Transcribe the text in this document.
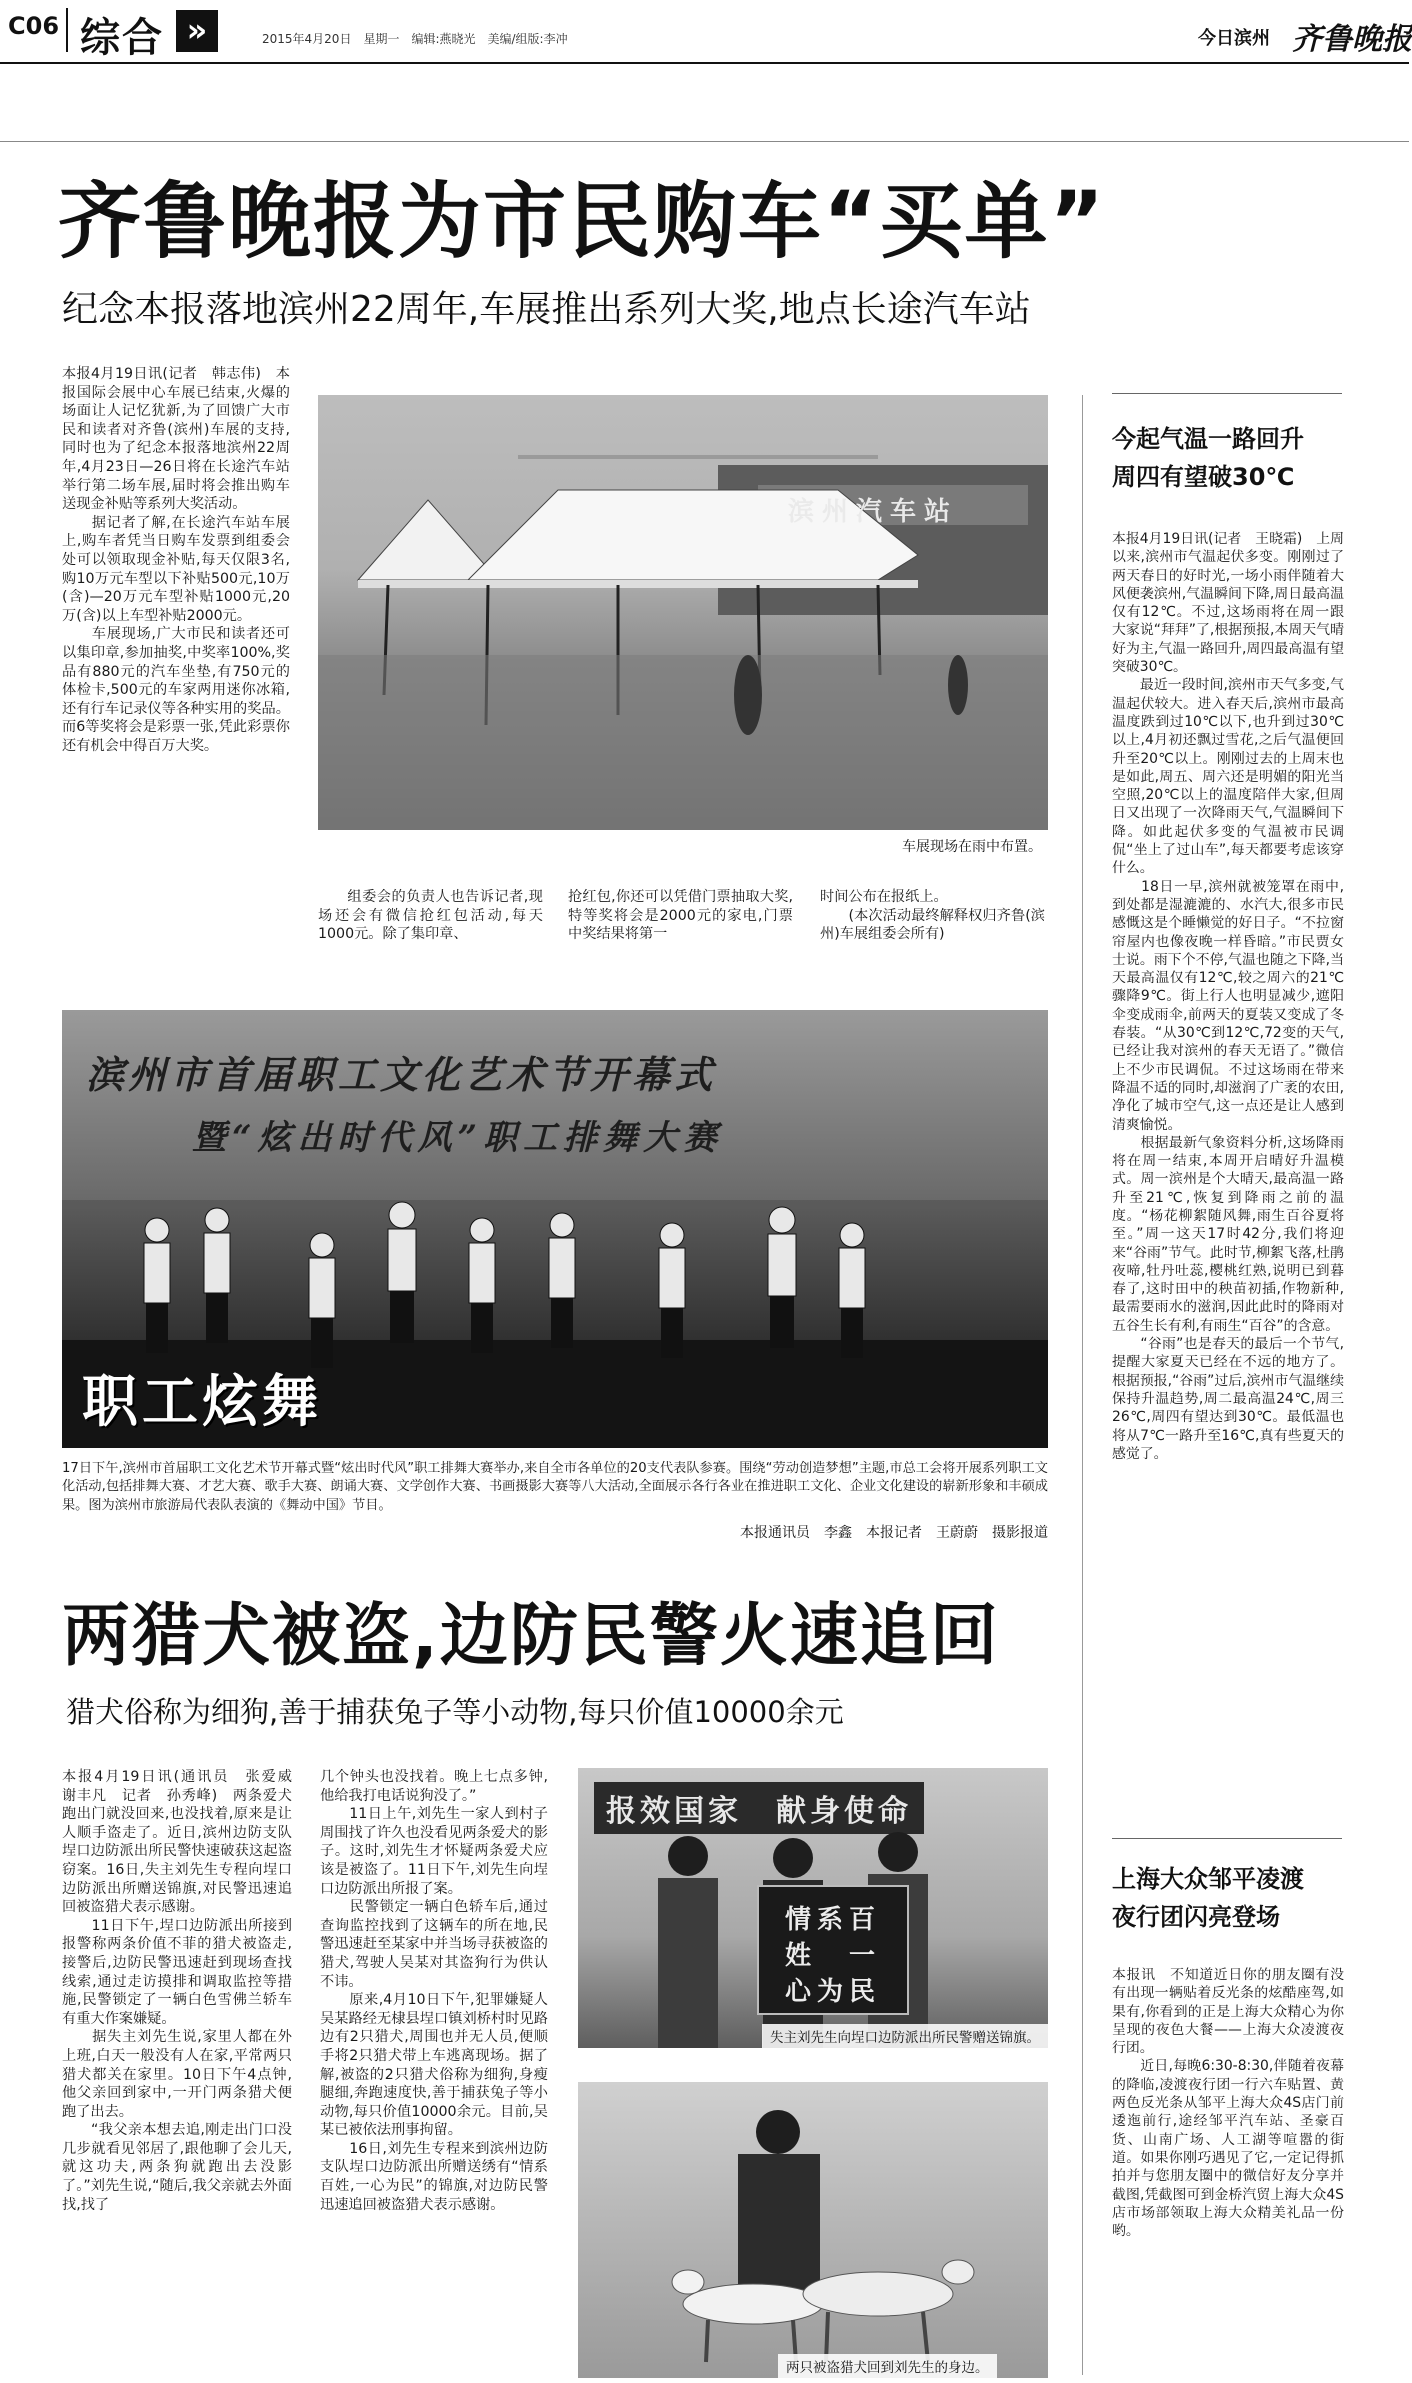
C06 综合 »	2015年4月20日　星期一　编辑:燕晓光　美编/组版:李冲	今日滨州 齐鲁晚报
齐鲁晚报为市民购车“买单”
纪念本报落地滨州22周年,车展推出系列大奖,地点长途汽车站
本报4月19日讯(记者　韩志伟)　本报国际会展中心车展已结束,火爆的场面让人记忆犹新,为了回馈广大市民和读者对齐鲁(滨州)车展的支持,同时也为了纪念本报落地滨州22周年,4月23日—26日将在长途汽车站举行第二场车展,届时将会推出购车送现金补贴等系列大奖活动。
　　据记者了解,在长途汽车站车展上,购车者凭当日购车发票到组委会处可以领取现金补贴,每天仅限3名,购10万元车型以下补贴500元,10万(含)—20万元车型补贴1000元,20万(含)以上车型补贴2000元。
　　车展现场,广大市民和读者还可以集印章,参加抽奖,中奖率100%,奖品有880元的汽车坐垫,有750元的体检卡,500元的车家两用迷你冰箱,还有行车记录仪等各种实用的奖品。而6等奖将会是彩票一张,凭此彩票你还有机会中得百万大奖。
滨州汽车站
车展现场在雨中布置。
　　组委会的负责人也告诉记者,现场还会有微信抢红包活动,每天1000元。除了集印章、
抢红包,你还可以凭借门票抽取大奖,特等奖将会是2000元的家电,门票中奖结果将第一
时间公布在报纸上。
　　(本次活动最终解释权归齐鲁(滨州)车展组委会所有)
滨州市首届职工文化艺术节开幕式
暨“炫出时代风”职工排舞大赛
职工炫舞
17日下午,滨州市首届职工文化艺术节开幕式暨“炫出时代风”职工排舞大赛举办,来自全市各单位的20支代表队参赛。围绕“劳动创造梦想”主题,市总工会将开展系列职工文化活动,包括排舞大赛、才艺大赛、歌手大赛、朗诵大赛、文学创作大赛、书画摄影大赛等八大活动,全面展示各行各业在推进职工文化、企业文化建设的崭新形象和丰硕成果。图为滨州市旅游局代表队表演的《舞动中国》节目。
本报通讯员　李鑫　本报记者　王蔚蔚　摄影报道
两猎犬被盗,边防民警火速追回
猎犬俗称为细狗,善于捕获兔子等小动物,每只价值10000余元
本报4月19日讯(通讯员　张爱威　谢丰凡　记者　孙秀峰)　两条爱犬跑出门就没回来,也没找着,原来是让人顺手盗走了。近日,滨州边防支队埕口边防派出所民警快速破获这起盗窃案。16日,失主刘先生专程向埕口边防派出所赠送锦旗,对民警迅速追回被盗猎犬表示感谢。
　　11日下午,埕口边防派出所接到报警称两条价值不菲的猎犬被盗走,接警后,边防民警迅速赶到现场查找线索,通过走访摸排和调取监控等措施,民警锁定了一辆白色雪佛兰轿车有重大作案嫌疑。
　　据失主刘先生说,家里人都在外上班,白天一般没有人在家,平常两只猎犬都关在家里。10日下午4点钟,他父亲回到家中,一开门两条猎犬便跑了出去。
　　“我父亲本想去追,刚走出门口没几步就看见邻居了,跟他聊了会儿天,就这功夫,两条狗就跑出去没影了。”刘先生说,“随后,我父亲就去外面找,找了
几个钟头也没找着。晚上七点多钟,他给我打电话说狗没了。”
　　11日上午,刘先生一家人到村子周围找了许久也没看见两条爱犬的影子。这时,刘先生才怀疑两条爱犬应该是被盗了。11日下午,刘先生向埕口边防派出所报了案。
　　民警锁定一辆白色轿车后,通过查询监控找到了这辆车的所在地,民警迅速赶至某家中并当场寻获被盗的猎犬,驾驶人吴某对其盗狗行为供认不讳。
　　原来,4月10日下午,犯罪嫌疑人吴某路经无棣县埕口镇刘桥村时见路边有2只猎犬,周围也并无人员,便顺手将2只猎犬带上车逃离现场。据了解,被盗的2只猎犬俗称为细狗,身瘦腿细,奔跑速度快,善于捕获兔子等小动物,每只价值10000余元。目前,吴某已被依法刑事拘留。
　　16日,刘先生专程来到滨州边防支队埕口边防派出所赠送绣有“情系百姓,一心为民”的锦旗,对边防民警迅速追回被盗猎犬表示感谢。
报效国家　献身使命
情系百姓　一心为民
失主刘先生向埕口边防派出所民警赠送锦旗。
两只被盗猎犬回到刘先生的身边。
今起气温一路回升
周四有望破30℃
本报4月19日讯(记者　王晓霜)　上周以来,滨州市气温起伏多变。刚刚过了两天春日的好时光,一场小雨伴随着大风便袭滨州,气温瞬间下降,周日最高温仅有12℃。不过,这场雨将在周一跟大家说“拜拜”了,根据预报,本周天气晴好为主,气温一路回升,周四最高温有望突破30℃。
　　最近一段时间,滨州市天气多变,气温起伏较大。进入春天后,滨州市最高温度跌到过10℃以下,也升到过30℃以上,4月初还飘过雪花,之后气温便回升至20℃以上。刚刚过去的上周末也是如此,周五、周六还是明媚的阳光当空照,20℃以上的温度陪伴大家,但周日又出现了一次降雨天气,气温瞬间下降。如此起伏多变的气温被市民调侃“坐上了过山车”,每天都要考虑该穿什么。
　　18日一早,滨州就被笼罩在雨中,到处都是湿漉漉的、水汽大,很多市民感慨这是个睡懒觉的好日子。“不拉窗帘屋内也像夜晚一样昏暗。”市民贾女士说。雨下个不停,气温也随之下降,当天最高温仅有12℃,较之周六的21℃骤降9℃。街上行人也明显减少,遮阳伞变成雨伞,前两天的夏装又变成了冬春装。“从30℃到12℃,72变的天气,已经让我对滨州的春天无语了。”微信上不少市民调侃。不过这场雨在带来降温不适的同时,却滋润了广袤的农田,净化了城市空气,这一点还是让人感到清爽愉悦。
　　根据最新气象资料分析,这场降雨将在周一结束,本周开启晴好升温模式。周一滨州是个大晴天,最高温一路升至21℃,恢复到降雨之前的温度。“杨花柳絮随风舞,雨生百谷夏将至。”周一这天17时42分,我们将迎来“谷雨”节气。此时节,柳絮飞落,杜鹃夜啼,牡丹吐蕊,樱桃红熟,说明已到暮春了,这时田中的秧苗初插,作物新种,最需要雨水的滋润,因此此时的降雨对五谷生长有利,有雨生“百谷”的含意。
　　“谷雨”也是春天的最后一个节气,提醒大家夏天已经在不远的地方了。根据预报,“谷雨”过后,滨州市气温继续保持升温趋势,周二最高温24℃,周三26℃,周四有望达到30℃。最低温也将从7℃一路升至16℃,真有些夏天的感觉了。
上海大众邹平凌渡
夜行团闪亮登场
本报讯　不知道近日你的朋友圈有没有出现一辆贴着反光条的炫酷座驾,如果有,你看到的正是上海大众精心为你呈现的夜色大餐——上海大众凌渡夜行团。
　　近日,每晚6:30-8:30,伴随着夜幕的降临,凌渡夜行团一行六车贴置、黄两色反光条从邹平上海大众4S店门前逶迤前行,途经邹平汽车站、圣豪百货、山南广场、人工湖等喧嚣的街道。如果你刚巧遇见了它,一定记得抓拍并与您朋友圈中的微信好友分享并截图,凭截图可到金桥汽贸上海大众4S店市场部领取上海大众精美礼品一份哟。
